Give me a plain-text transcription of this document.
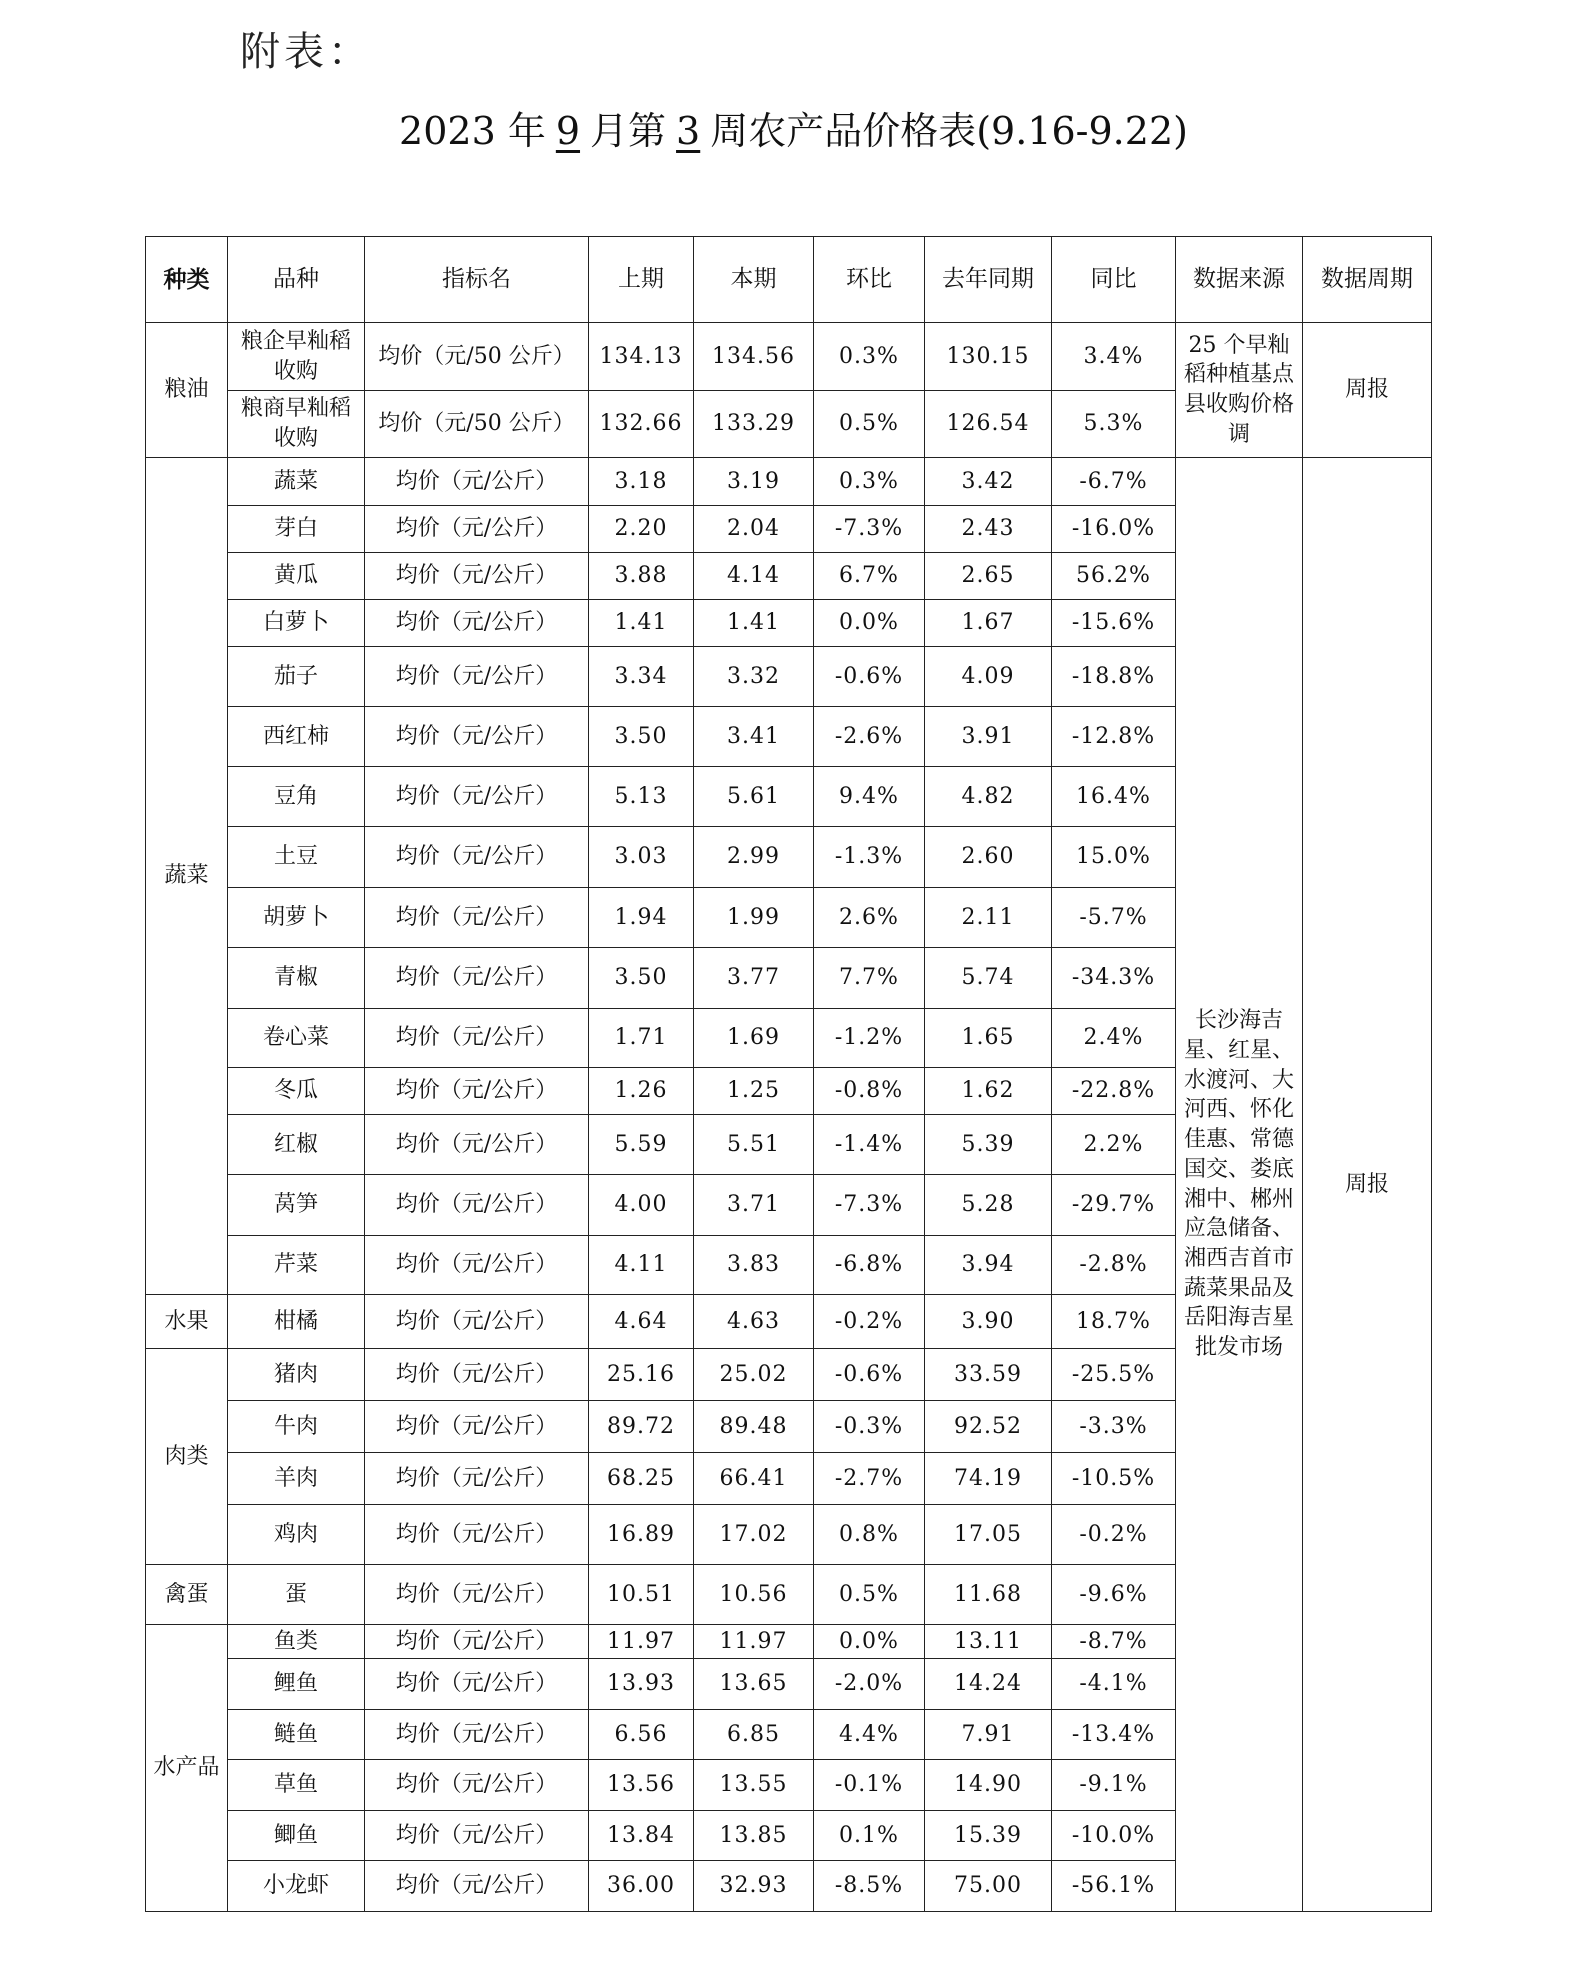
附表：
2023 年 9 月第 3 周农产品价格表(9.16-9.22)
种类	品种	指标名	上期	本期	环比	去年同期	同比	数据来源	数据周期
粮油	粮企早籼稻收购	均价（元/50 公斤）	134.13	134.56	0.3%	130.15	3.4%	25 个早籼稻种植基点县收购价格调	周报
	粮商早籼稻收购	均价（元/50 公斤）	132.66	133.29	0.5%	126.54	5.3%		
蔬菜	蔬菜	均价（元/公斤）	3.18	3.19	0.3%	3.42	-6.7%	长沙海吉星、红星、水渡河、大河西、怀化佳惠、常德国交、娄底湘中、郴州应急储备、湘西吉首市蔬菜果品及岳阳海吉星批发市场	周报
	芽白	均价（元/公斤）	2.20	2.04	-7.3%	2.43	-16.0%		
	黄瓜	均价（元/公斤）	3.88	4.14	6.7%	2.65	56.2%		
	白萝卜	均价（元/公斤）	1.41	1.41	0.0%	1.67	-15.6%		
	茄子	均价（元/公斤）	3.34	3.32	-0.6%	4.09	-18.8%		
	西红柿	均价（元/公斤）	3.50	3.41	-2.6%	3.91	-12.8%		
	豆角	均价（元/公斤）	5.13	5.61	9.4%	4.82	16.4%		
	土豆	均价（元/公斤）	3.03	2.99	-1.3%	2.60	15.0%		
	胡萝卜	均价（元/公斤）	1.94	1.99	2.6%	2.11	-5.7%		
	青椒	均价（元/公斤）	3.50	3.77	7.7%	5.74	-34.3%		
	卷心菜	均价（元/公斤）	1.71	1.69	-1.2%	1.65	2.4%		
	冬瓜	均价（元/公斤）	1.26	1.25	-0.8%	1.62	-22.8%		
	红椒	均价（元/公斤）	5.59	5.51	-1.4%	5.39	2.2%		
	莴笋	均价（元/公斤）	4.00	3.71	-7.3%	5.28	-29.7%		
	芹菜	均价（元/公斤）	4.11	3.83	-6.8%	3.94	-2.8%		
水果	柑橘	均价（元/公斤）	4.64	4.63	-0.2%	3.90	18.7%		
肉类	猪肉	均价（元/公斤）	25.16	25.02	-0.6%	33.59	-25.5%		
	牛肉	均价（元/公斤）	89.72	89.48	-0.3%	92.52	-3.3%		
	羊肉	均价（元/公斤）	68.25	66.41	-2.7%	74.19	-10.5%		
	鸡肉	均价（元/公斤）	16.89	17.02	0.8%	17.05	-0.2%		
禽蛋	蛋	均价（元/公斤）	10.51	10.56	0.5%	11.68	-9.6%		
水产品	鱼类	均价（元/公斤）	11.97	11.97	0.0%	13.11	-8.7%		
	鲤鱼	均价（元/公斤）	13.93	13.65	-2.0%	14.24	-4.1%		
	鲢鱼	均价（元/公斤）	6.56	6.85	4.4%	7.91	-13.4%		
	草鱼	均价（元/公斤）	13.56	13.55	-0.1%	14.90	-9.1%		
	鲫鱼	均价（元/公斤）	13.84	13.85	0.1%	15.39	-10.0%		
	小龙虾	均价（元/公斤）	36.00	32.93	-8.5%	75.00	-56.1%		
